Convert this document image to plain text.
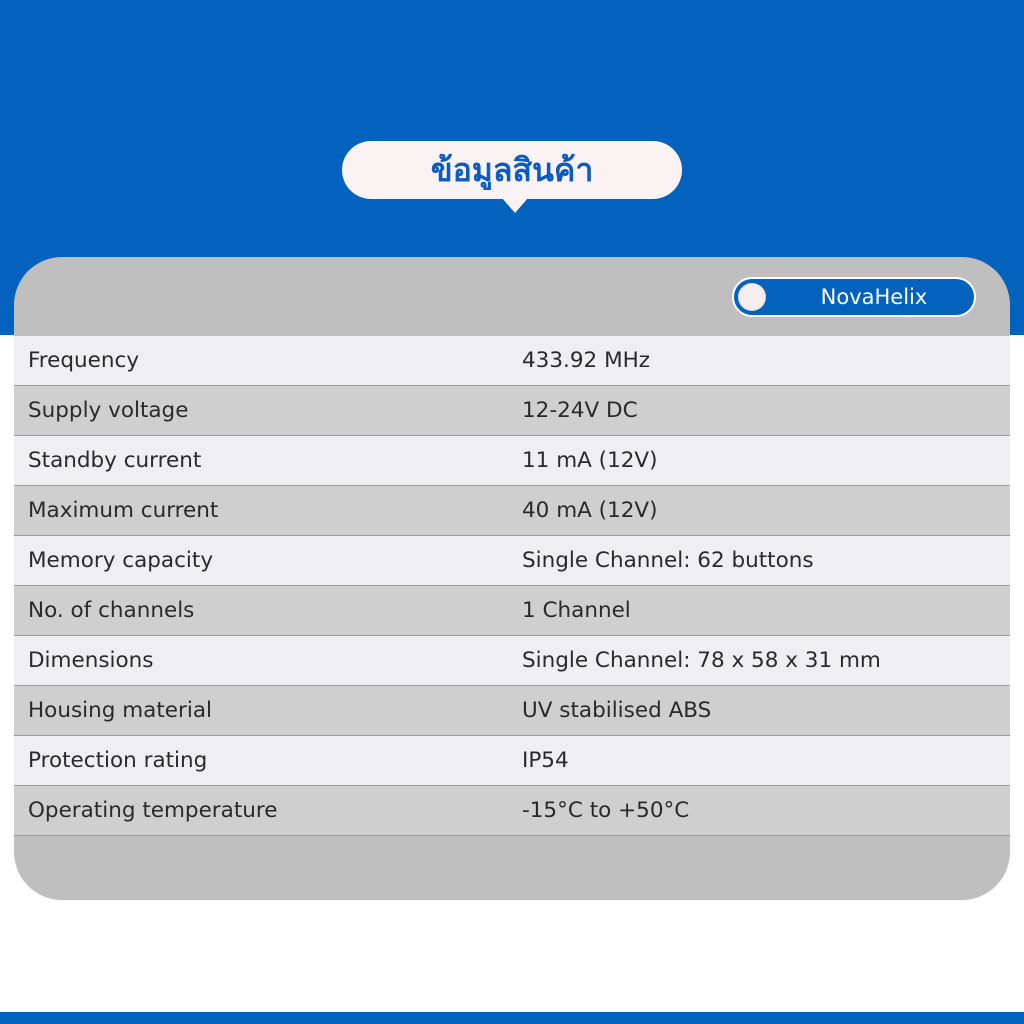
ข้อมูลสินค้า
NovaHelix
Frequency	433.92 MHz
Supply voltage	12-24V DC
Standby current	11 mA (12V)
Maximum current	40 mA (12V)
Memory capacity	Single Channel: 62 buttons
No. of channels	1 Channel
Dimensions	Single Channel: 78 x 58 x 31 mm
Housing material	UV stabilised ABS
Protection rating	IP54
Operating temperature	-15°C to +50°C
